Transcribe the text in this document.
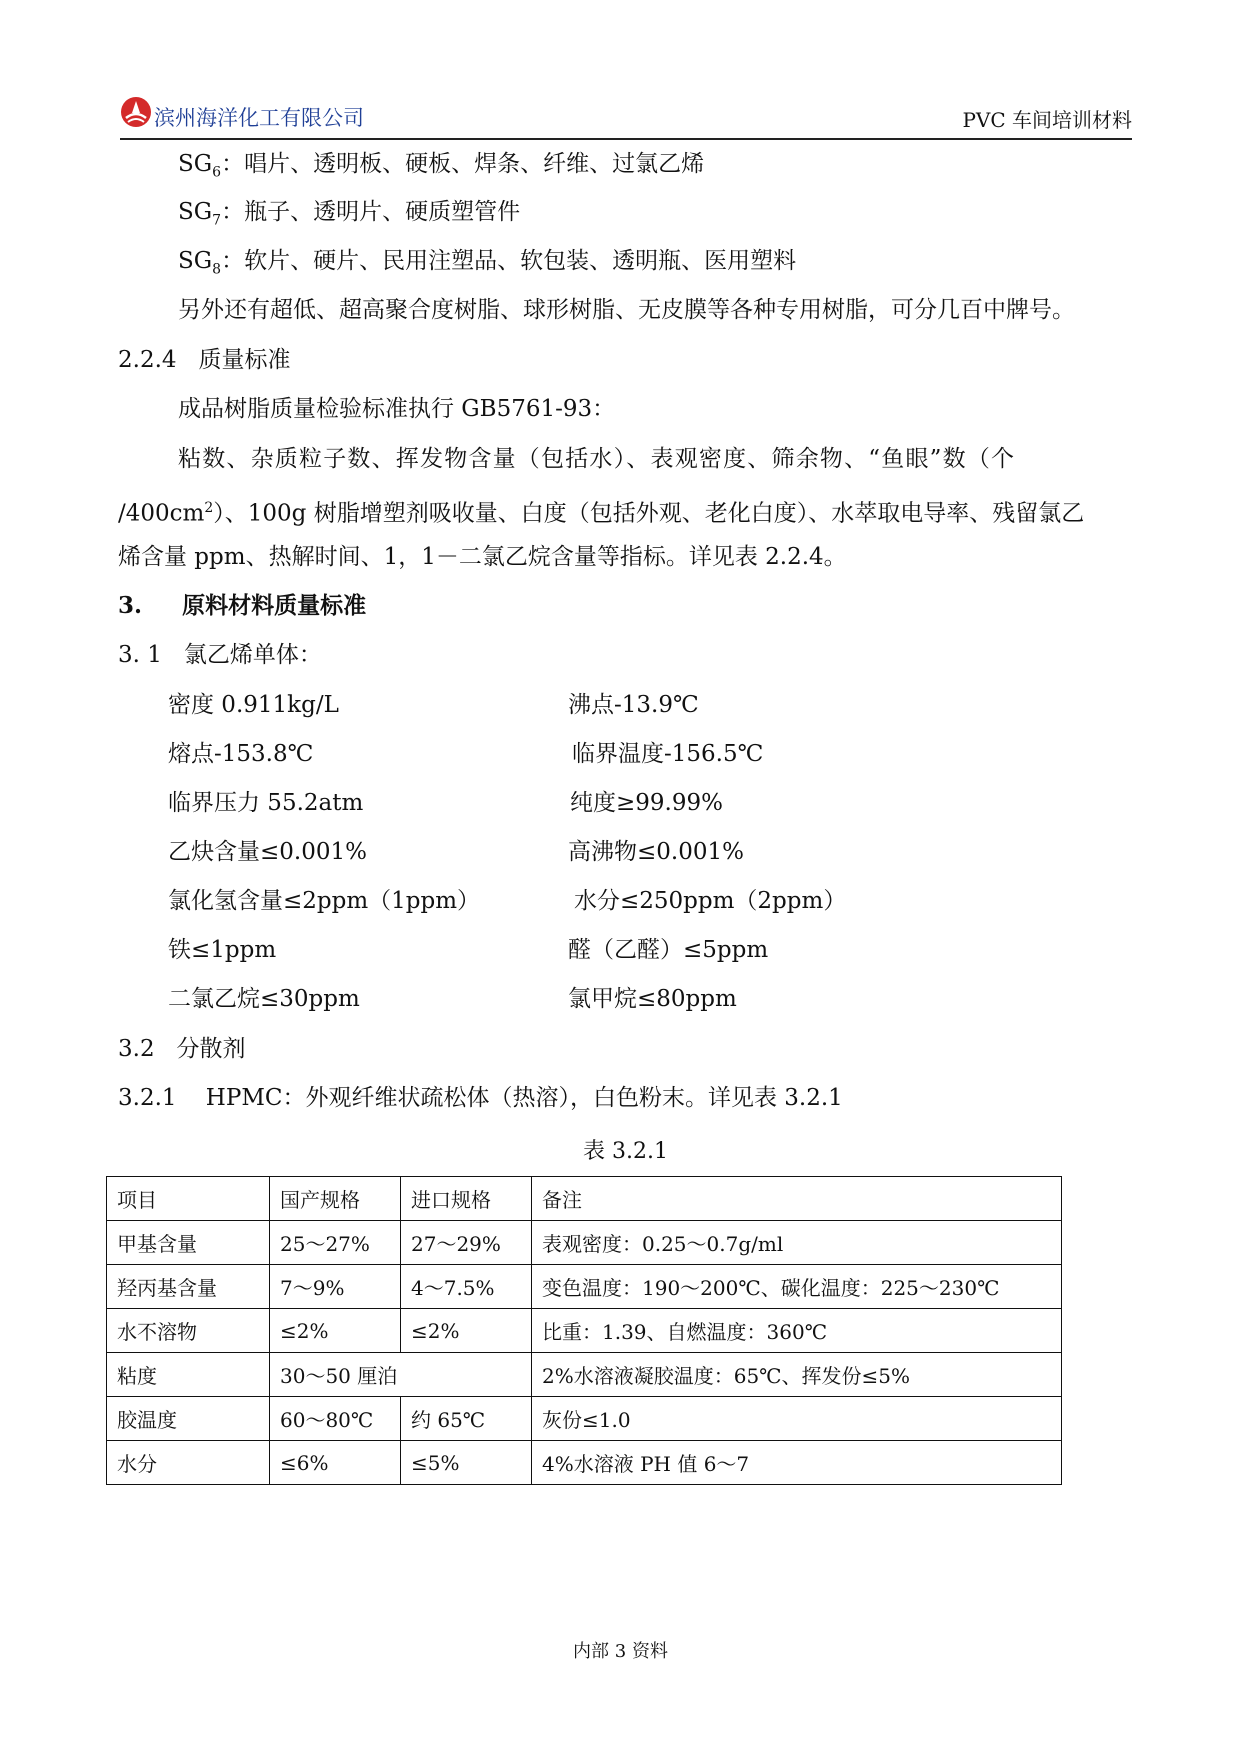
滨州海洋化工有限公司	PVC 车间培训材料
$SG_6$：唱片、透明板、硬板、焊条、纤维、过氯乙烯
$SG_7$：瓶子、透明片、硬质塑管件
$SG_8$：软片、硬片、民用注塑品、软包装、透明瓶、医用塑料
另外还有超低、超高聚合度树脂、球形树脂、无皮膜等各种专用树脂，可分几百中牌号。
2.2.4 质量标准
成品树脂质量检验标准执行 GB5761-93：
粘数、杂质粒子数、挥发物含量（包括水）、表观密度、筛余物、“鱼眼”数（个
$/400cm^2$）、100g 树脂增塑剂吸收量、白度（包括外观、老化白度）、水萃取电导率、残留氯乙
烯含量 ppm、热解时间、1，1－二氯乙烷含量等指标。详见表 2.2.4。
3. 原料材料质量标准
3. 1 氯乙烯单体：
密度 0.911kg/L	沸点-13.9℃
熔点-153.8℃	临界温度-156.5℃
临界压力 55.2atm	纯度≥99.99%
乙炔含量≤0.001%	高沸物≤0.001%
氯化氢含量≤2ppm（1ppm）	水分≤250ppm（2ppm）
铁≤1ppm	醛（乙醛）≤5ppm
二氯乙烷≤30ppm	氯甲烷≤80ppm
3.2 分散剂
3.2.1 HPMC：外观纤维状疏松体（热溶），白色粉末。详见表 3.2.1
表 3.2.1
项目	国产规格	进口规格	备注
甲基含量	25～27%	27～29%	表观密度：0.25～0.7g/ml
羟丙基含量	7～9%	4～7.5%	变色温度：190～200℃、碳化温度：225～230℃
水不溶物	≤2%	≤2%	比重：1.39、自燃温度：360℃
粘度	30～50 厘泊		2%水溶液凝胶温度：65℃、挥发份≤5%
胶温度	60～80℃	约 65℃	灰份≤1.0
水分	≤6%	≤5%	4%水溶液 PH 值 6～7
内部 3 资料
